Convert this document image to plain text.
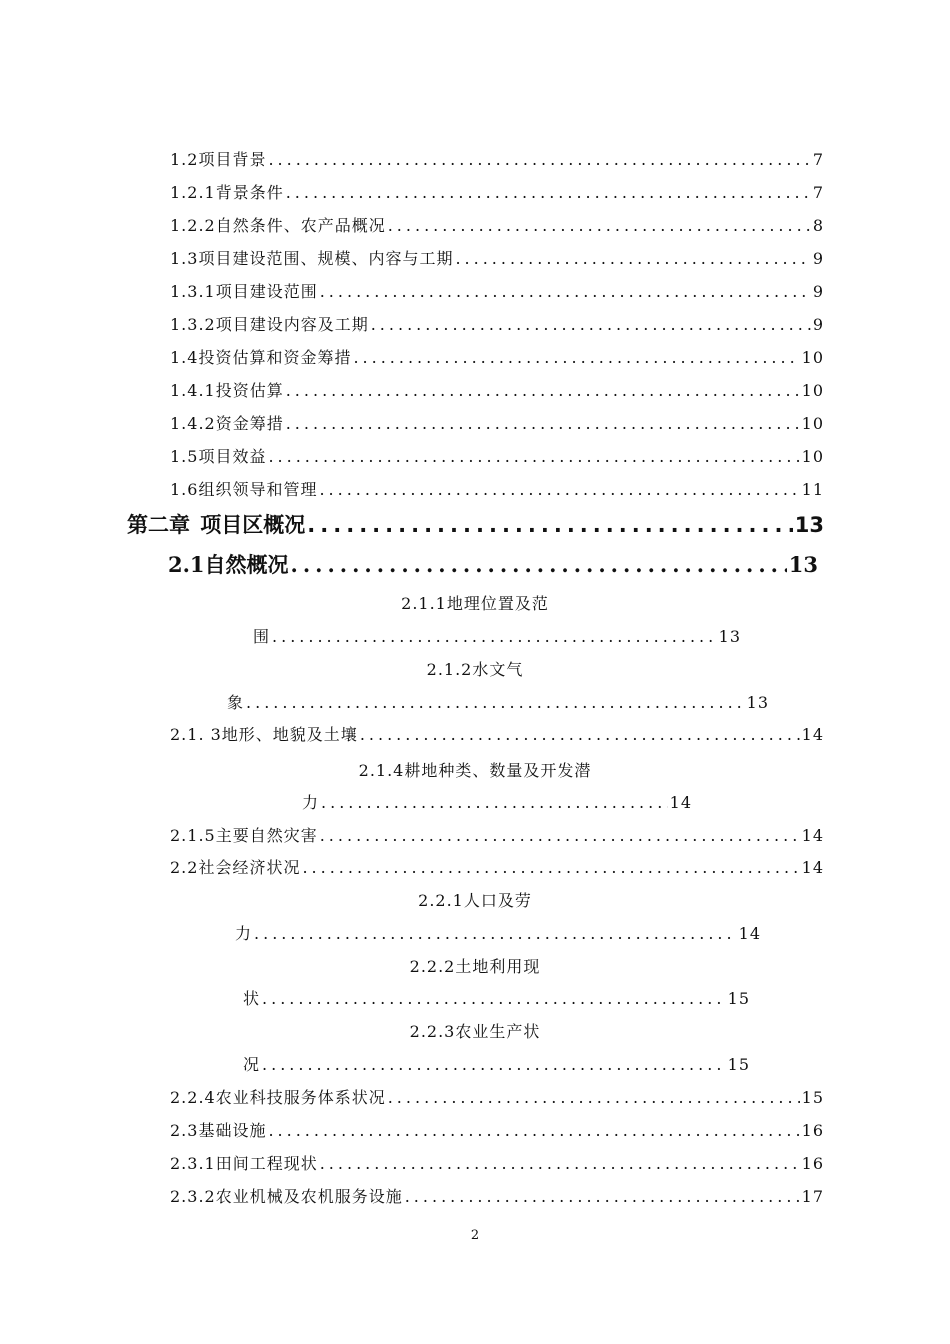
1.2项目背景 .....	7
1.2.1背景条件 .....	7
1.2.2自然条件、农产品概况 .....	8
1.3项目建设范围、规模、内容与工期 .....	9
1.3.1项目建设范围 .....	9
1.3.2项目建设内容及工期 .....	9
1.4投资估算和资金筹措 .....	10
1.4.1投资估算 .....	10
1.4.2资金筹措 .....	10
1.5项目效益 .....	10
1.6组织领导和管理 .....	11
第二章 项目区概况 .....	13
2.1自然概况 .....	13
2.1.1地理位置及范
围 .....	13
2.1.2水文气
象 .....	13
2.1. 3地形、地貌及土壤 .....	14
2.1.4耕地种类、数量及开发潜
力 .....	14
2.1.5主要自然灾害 .....	14
2.2社会经济状况 .....	14
2.2.1人口及劳
力 .....	14
2.2.2土地利用现
状 .....	15
2.2.3农业生产状
况 .....	15
2.2.4农业科技服务体系状况 .....	15
2.3基础设施 .....	16
2.3.1田间工程现状 .....	16
2.3.2农业机械及农机服务设施 .....	17
2
